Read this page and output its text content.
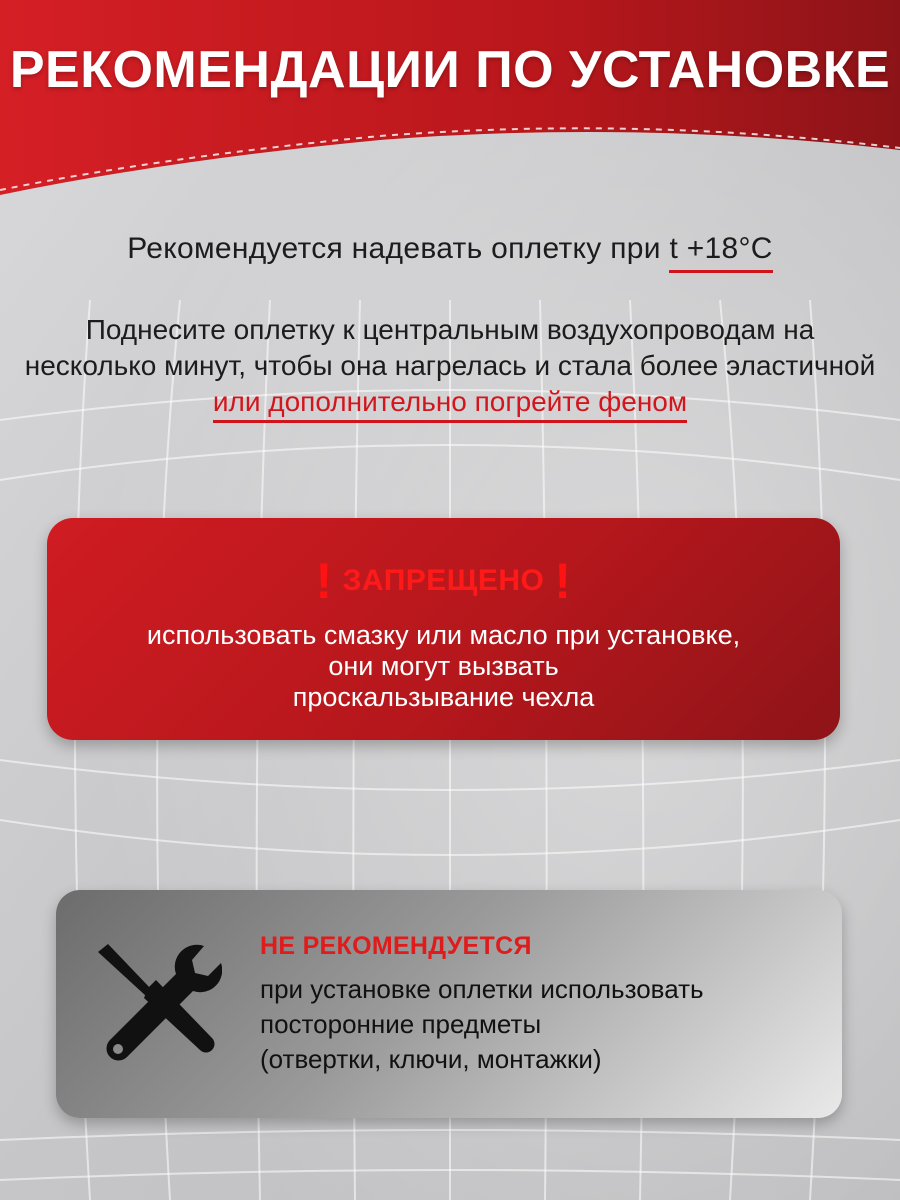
РЕКОМЕНДАЦИИ ПО УСТАНОВКЕ
Рекомендуется надевать оплетку при t +18°С
Поднесите оплетку к центральным воздухопроводам на несколько минут, чтобы она нагрелась и стала более эластичной или дополнительно погрейте феном
! ЗАПРЕЩЕНО !
использовать смазку или масло при установке,
они могут вызвать
проскальзывание чехла
НЕ РЕКОМЕНДУЕТСЯ
при установке оплетки использовать
посторонние предметы
(отвертки, ключи, монтажки)
